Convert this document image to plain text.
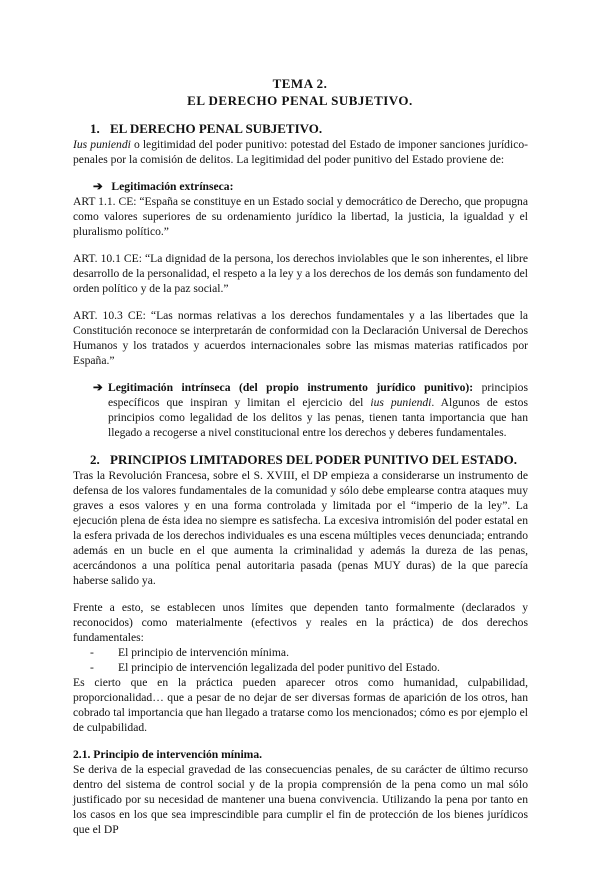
TEMA 2.
EL DERECHO PENAL SUBJETIVO.
1. EL DERECHO PENAL SUBJETIVO.
Ius puniendi o legitimidad del poder punitivo: potestad del Estado de imponer sanciones jurídico-penales por la comisión de delitos. La legitimidad del poder punitivo del Estado proviene de:
➔ Legitimación extrínseca:
ART 1.1. CE: “España se constituye en un Estado social y democrático de Derecho, que propugna como valores superiores de su ordenamiento jurídico la libertad, la justicia, la igualdad y el pluralismo político.”
ART. 10.1 CE: “La dignidad de la persona, los derechos inviolables que le son inherentes, el libre desarrollo de la personalidad, el respeto a la ley y a los derechos de los demás son fundamento del orden político y de la paz social.”
ART. 10.3 CE: “Las normas relativas a los derechos fundamentales y a las libertades que la Constitución reconoce se interpretarán de conformidad con la Declaración Universal de Derechos Humanos y los tratados y acuerdos internacionales sobre las mismas materias ratificados por España.”
➔ Legitimación intrínseca (del propio instrumento jurídico punitivo): principios específicos que inspiran y limitan el ejercicio del ius puniendi. Algunos de estos principios como legalidad de los delitos y las penas, tienen tanta importancia que han llegado a recogerse a nivel constitucional entre los derechos y deberes fundamentales.
2. PRINCIPIOS LIMITADORES DEL PODER PUNITIVO DEL ESTADO.
Tras la Revolución Francesa, sobre el S. XVIII, el DP empieza a considerarse un instrumento de defensa de los valores fundamentales de la comunidad y sólo debe emplearse contra ataques muy graves a esos valores y en una forma controlada y limitada por el “imperio de la ley”. La ejecución plena de ésta idea no siempre es satisfecha. La excesiva intromisión del poder estatal en la esfera privada de los derechos individuales es una escena múltiples veces denunciada; entrando además en un bucle en el que aumenta la criminalidad y además la dureza de las penas, acercándonos a una política penal autoritaria pasada (penas MUY duras) de la que parecía haberse salido ya.
Frente a esto, se establecen unos límites que dependen tanto formalmente (declarados y reconocidos) como materialmente (efectivos y reales en la práctica) de dos derechos fundamentales:
- El principio de intervención mínima.
- El principio de intervención legalizada del poder punitivo del Estado.
Es cierto que en la práctica pueden aparecer otros como humanidad, culpabilidad, proporcionalidad… que a pesar de no dejar de ser diversas formas de aparición de los otros, han cobrado tal importancia que han llegado a tratarse como los mencionados; cómo es por ejemplo el de culpabilidad.
2.1. Principio de intervención mínima.
Se deriva de la especial gravedad de las consecuencias penales, de su carácter de último recurso dentro del sistema de control social y de la propia comprensión de la pena como un mal sólo justificado por su necesidad de mantener una buena convivencia. Utilizando la pena por tanto en los casos en los que sea imprescindible para cumplir el fin de protección de los bienes jurídicos que el DP
